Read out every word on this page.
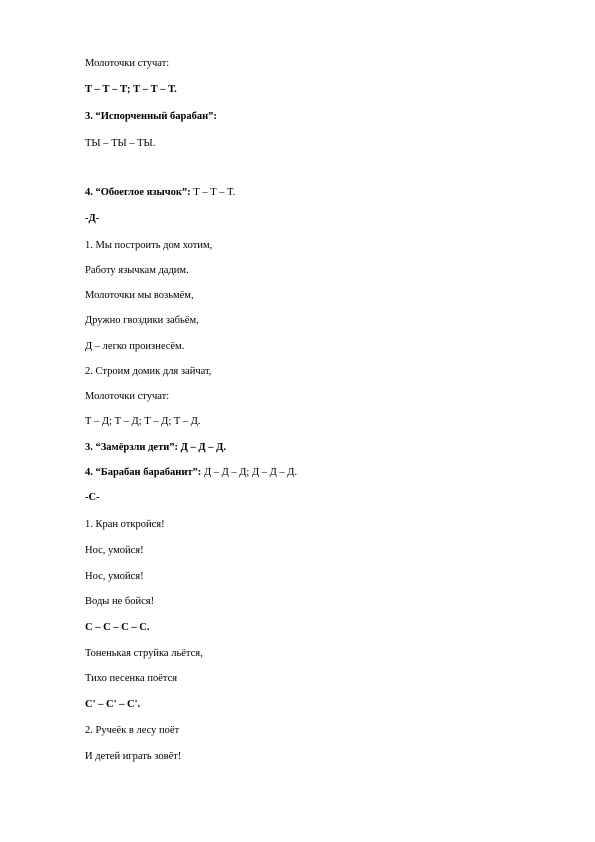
Молоточки стучат:
Т – Т – Т; Т – Т – Т.
3. “Испорченный барабан”:
ТЫ – ТЫ – ТЫ.
4. “Обоеглое язычок”: Т – Т – Т.
-Д-
1. Мы построить дом хотим,
Работу язычкам дадим.
Молоточки мы возьмём,
Дружно гвоздики забьём,
Д – легко произнесём.
2. Строим домик для зайчат,
Молоточки стучат:
Т – Д; Т – Д; Т – Д; Т – Д.
3. “Замёрзли дети”: Д – Д – Д.
4. “Барабан барабанит”: Д – Д – Д; Д – Д – Д.
-С-
1. Кран откройся!
Нос, умойся!
Нос, умойся!
Воды не бойся!
С – С – С – С.
Тоненькая струйка льётся,
Тихо песенка поётся
С' – С' – С'.
2. Ручеёк в лесу поёт
И детей играть зовёт!
